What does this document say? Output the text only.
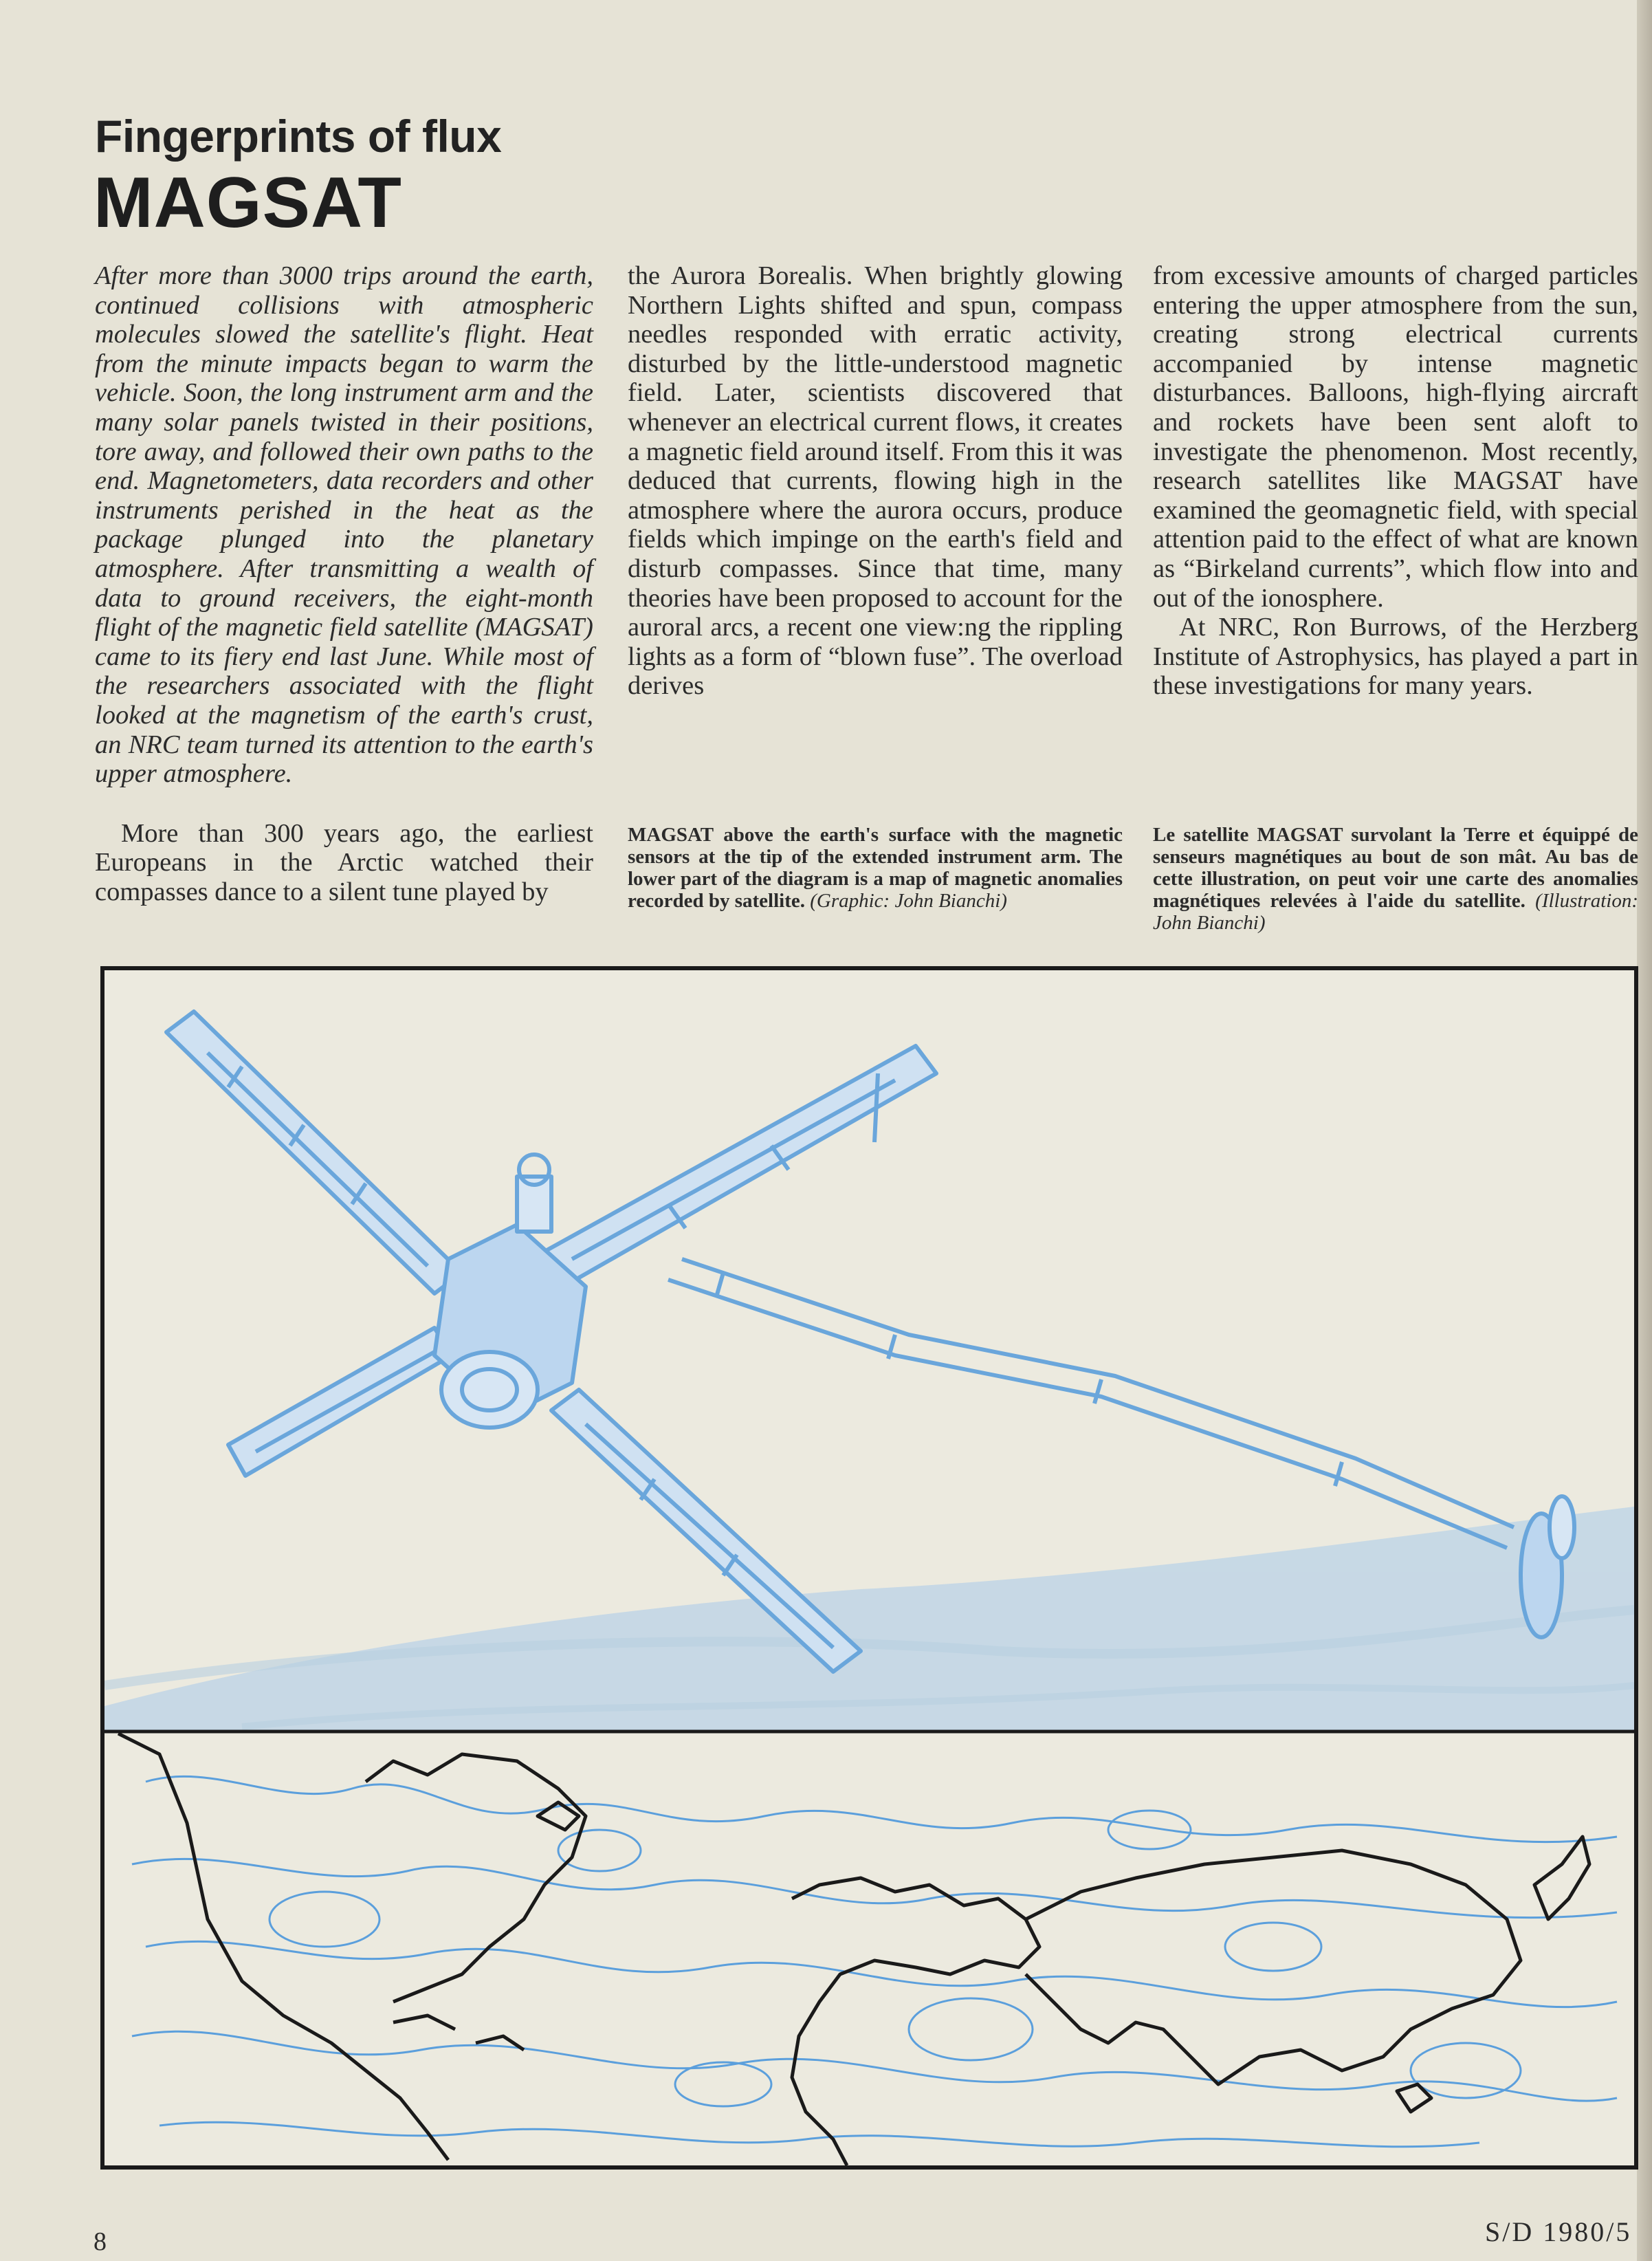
Fingerprints of flux
MAGSAT

After more than 3000 trips around the earth, continued collisions with atmospheric molecules slowed the satellite's flight. Heat from the minute impacts began to warm the vehicle. Soon, the long instrument arm and the many solar panels twisted in their positions, tore away, and followed their own paths to the end. Magnetometers, data recorders and other instruments perished in the heat as the package plunged into the planetary atmosphere. After transmitting a wealth of data to ground receivers, the eight-month flight of the magnetic field satellite (MAGSAT) came to its fiery end last June. While most of the researchers associated with the flight looked at the magnetism of the earth's crust, an NRC team turned its attention to the earth's upper atmosphere.

More than 300 years ago, the earliest Europeans in the Arctic watched their compasses dance to a silent tune played by

the Aurora Borealis. When brightly glowing Northern Lights shifted and spun, compass needles responded with erratic activity, disturbed by the little-understood magnetic field. Later, scientists discovered that whenever an electrical current flows, it creates a magnetic field around itself. From this it was deduced that currents, flowing high in the atmosphere where the aurora occurs, produce fields which impinge on the earth's field and disturb compasses. Since that time, many theories have been proposed to account for the auroral arcs, a recent one view:ng the rippling lights as a form of “blown fuse”. The overload derives

from excessive amounts of charged particles entering the upper atmosphere from the sun, creating strong electrical currents accompanied by intense magnetic disturbances. Balloons, high-flying aircraft and rockets have been sent aloft to investigate the phenomenon. Most recently, research satellites like MAGSAT have examined the geomagnetic field, with special attention paid to the effect of what are known as “Birkeland currents”, which flow into and out of the ionosphere.

At NRC, Ron Burrows, of the Herzberg Institute of Astrophysics, has played a part in these investigations for many years.

MAGSAT above the earth's surface with the magnetic sensors at the tip of the extended instrument arm. The lower part of the diagram is a map of magnetic anomalies recorded by satellite. (Graphic: John Bianchi)
Le satellite MAGSAT survolant la Terre et équippé de senseurs magnétiques au bout de son mât. Au bas de cette illustration, on peut voir une carte des anomalies magnétiques relevées à l'aide du satellite. (Illustration: John Bianchi)
8	S/D 1980/5
